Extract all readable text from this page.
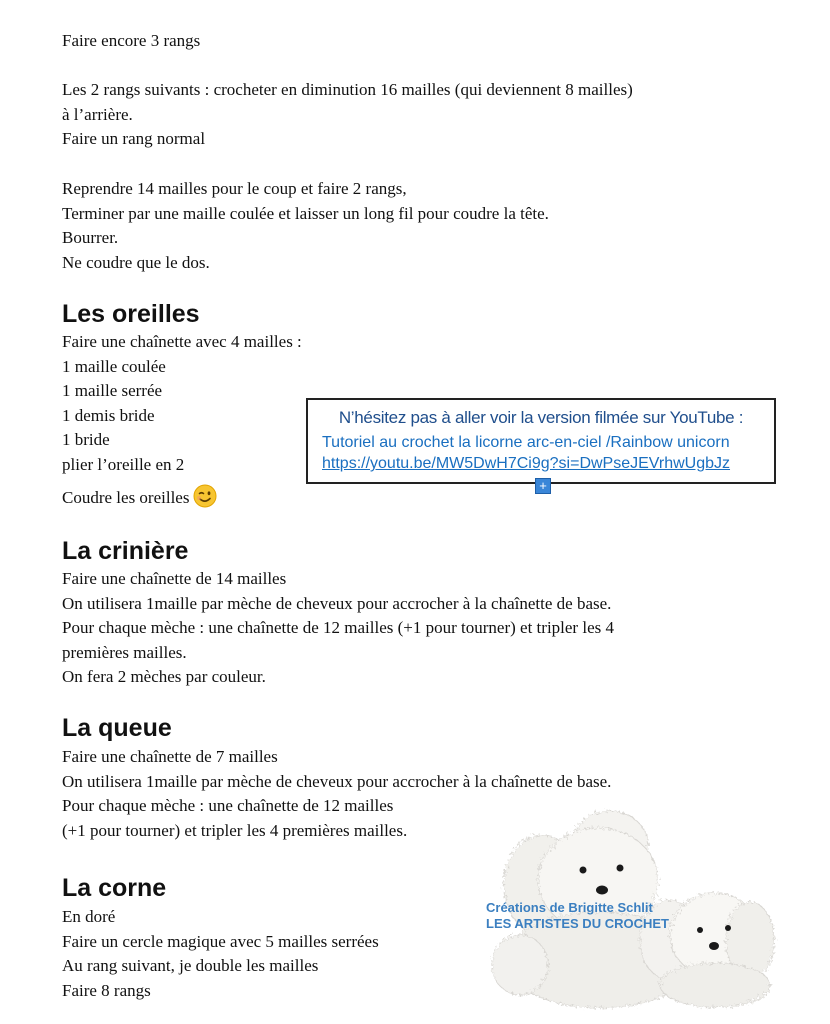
Faire encore 3 rangs
Les 2 rangs suivants : crocheter en diminution 16 mailles (qui deviennent 8 mailles)
à l’arrière.
Faire un rang normal
Reprendre 14 mailles pour le coup et faire 2 rangs,
Terminer par une maille coulée et laisser un long fil pour coudre la tête.
Bourrer.
Ne coudre que le dos.
Les oreilles
Faire une chaînette avec 4 mailles :
1 maille coulée
1 maille serrée
1 demis bride
1 bride
plier l’oreille en 2
Coudre les oreilles
N’hésitez pas à aller voir la version filmée sur YouTube :
Tutoriel au crochet la licorne arc-en-ciel /Rainbow unicorn
https://youtu.be/MW5DwH7Ci9g?si=DwPseJEVrhwUgbJz
+
La crinière
Faire une chaînette de 14 mailles
On utilisera 1maille par mèche de cheveux pour accrocher à la chaînette de base.
Pour chaque mèche : une chaînette de 12 mailles (+1 pour tourner) et tripler les 4
premières mailles.
On fera 2 mèches par couleur.
La queue
Faire une chaînette de 7 mailles
On utilisera 1maille par mèche de cheveux pour accrocher à la chaînette de base.
Pour chaque mèche : une chaînette de 12 mailles
(+1 pour tourner) et tripler les 4 premières mailles.
La corne
En doré
Faire un cercle magique avec 5 mailles serrées
Au rang suivant, je double les mailles
Faire 8 rangs
Créations de Brigitte Schlit
LES ARTISTES DU CROCHET
